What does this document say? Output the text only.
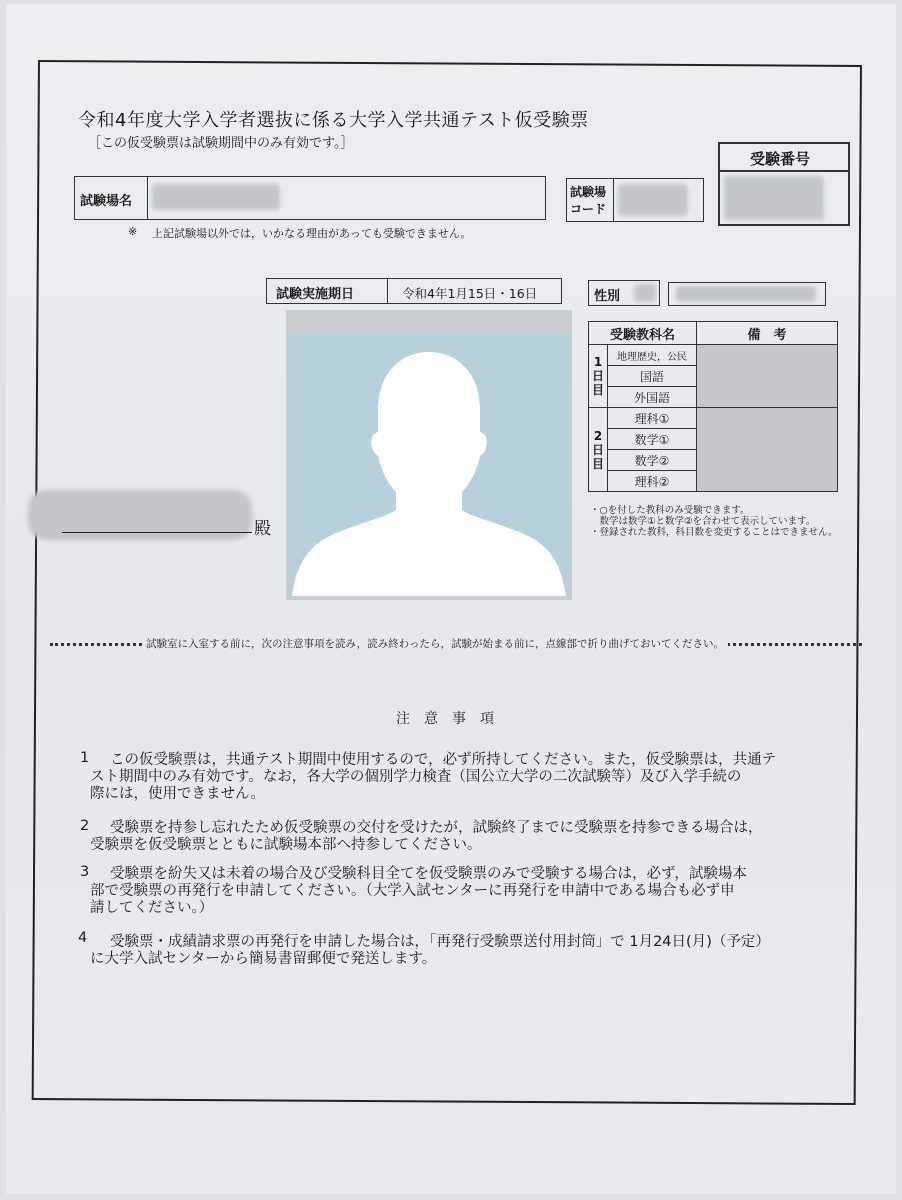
令和4年度大学入学者選抜に係る大学入学共通テスト仮受験票
［この仮受験票は試験期間中のみ有効です。］
試験場名
試験場
コード
受験番号
※ 上記試験場以外では，いかなる理由があっても受験できません。
試験実施期日	令和4年1月15日・16日	性別
殿
受験教科名		備　考
1
日
目	地理歴史，公民	
	国語	
	外国語	
2
日
目	理科①	
	数学①	
	数学②	
	理科②	
・○を付した教科のみ受験できます。
　数学は数学①と数学②を合わせて表示しています。
・登録された教科，科目数を変更することはできません。
試験室に入室する前に，次の注意事項を読み，読み終わったら，試験が始まる前に，点線部で折り曲げておいてください。
注意事項
1	この仮受験票は，共通テスト期間中使用するので，必ず所持してください。また，仮受験票は，共通テ
スト期間中のみ有効です。なお，各大学の個別学力検査（国公立大学の二次試験等）及び入学手続の
際には，使用できません。
2	受験票を持参し忘れたため仮受験票の交付を受けたが，試験終了までに受験票を持参できる場合は，
受験票を仮受験票とともに試験場本部へ持参してください。
3	受験票を紛失又は未着の場合及び受験科目全てを仮受験票のみで受験する場合は，必ず，試験場本
部で受験票の再発行を申請してください。（大学入試センターに再発行を申請中である場合も必ず申
請してください。）
4	受験票・成績請求票の再発行を申請した場合は，「再発行受験票送付用封筒」で 1月24日(月)（予定）
に大学入試センターから簡易書留郵便で発送します。
